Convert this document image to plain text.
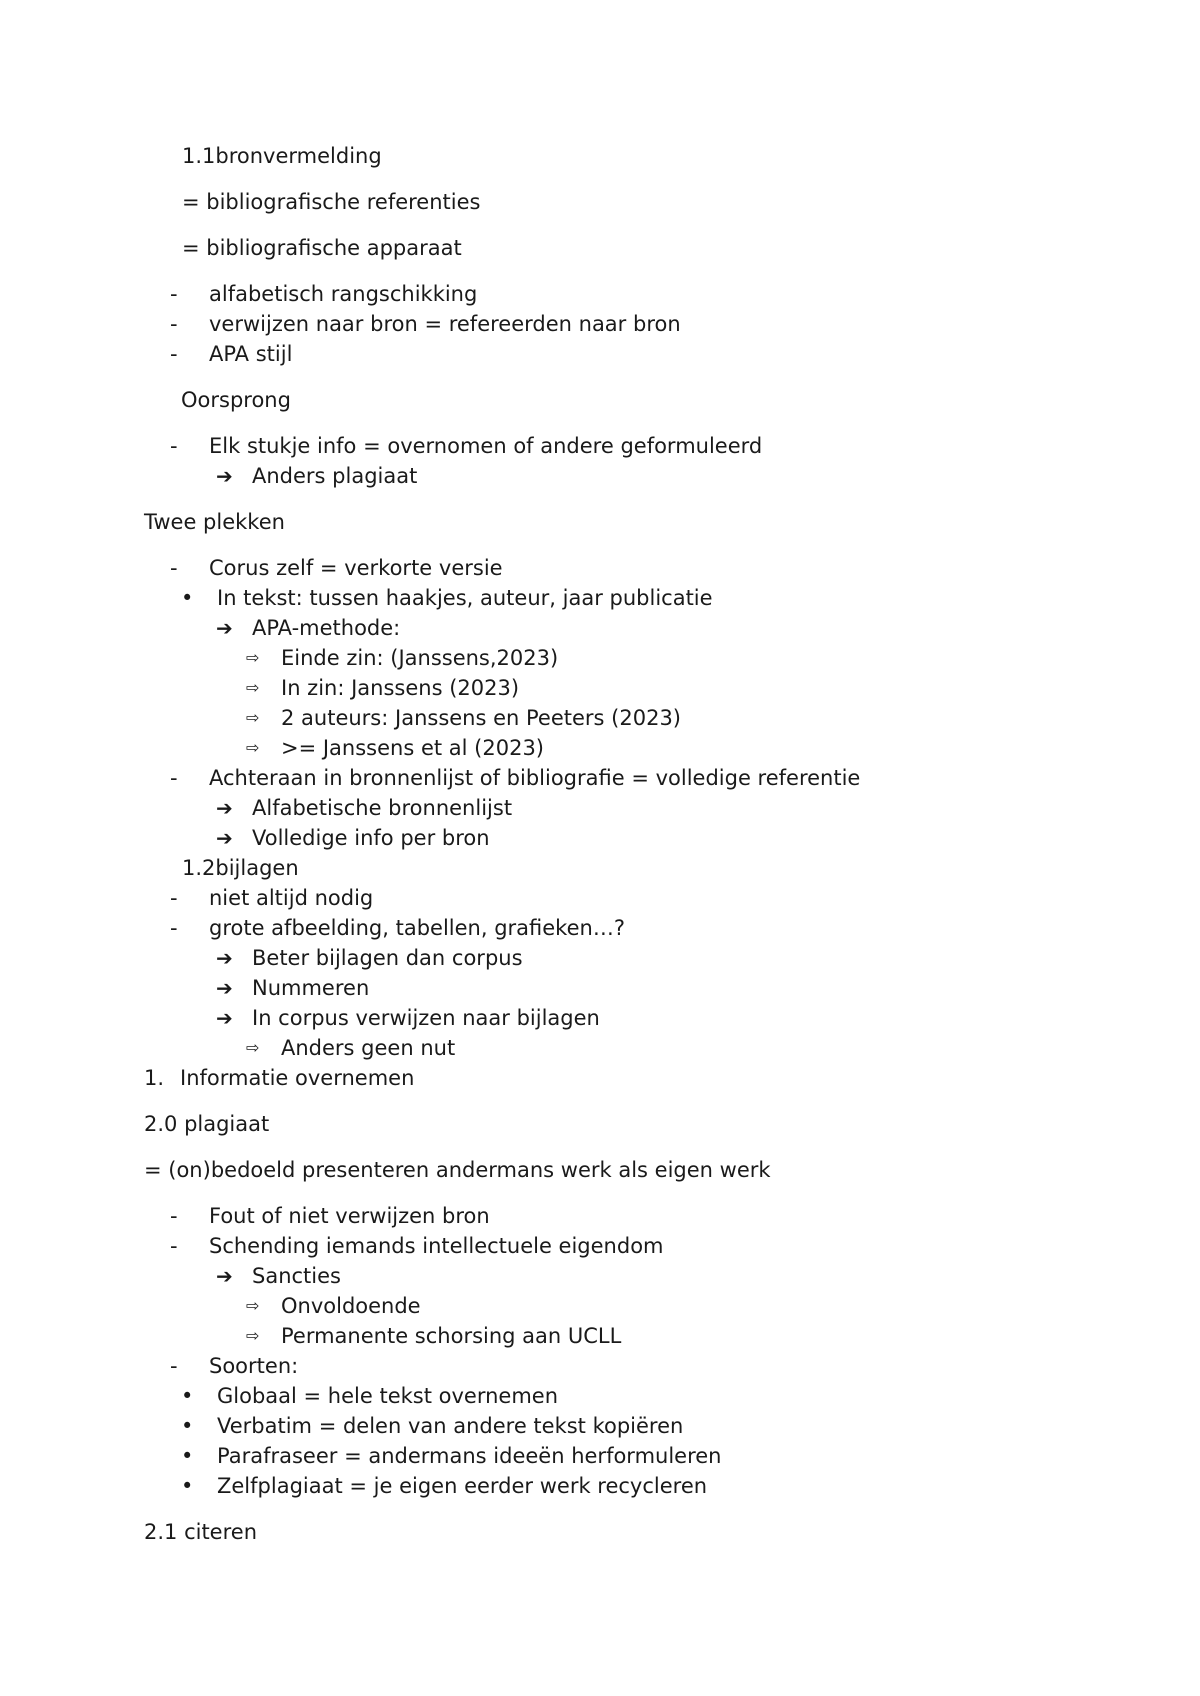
1.1bronvermelding
= bibliografische referenties
= bibliografische apparaat
- alfabetisch rangschikking
- verwijzen naar bron = refereerden naar bron
- APA stijl
Oorsprong
- Elk stukje info = overnomen of andere geformuleerd
➔ Anders plagiaat
Twee plekken
- Corus zelf = verkorte versie
• In tekst: tussen haakjes, auteur, jaar publicatie
➔ APA-methode:
⇨ Einde zin: (Janssens,2023)
⇨ In zin: Janssens (2023)
⇨ 2 auteurs: Janssens en Peeters (2023)
⇨ >= Janssens et al (2023)
- Achteraan in bronnenlijst of bibliografie = volledige referentie
➔ Alfabetische bronnenlijst
➔ Volledige info per bron
1.2bijlagen
- niet altijd nodig
- grote afbeelding, tabellen, grafieken…?
➔ Beter bijlagen dan corpus
➔ Nummeren
➔ In corpus verwijzen naar bijlagen
⇨ Anders geen nut
1. Informatie overnemen
2.0 plagiaat
= (on)bedoeld presenteren andermans werk als eigen werk
- Fout of niet verwijzen bron
- Schending iemands intellectuele eigendom
➔ Sancties
⇨ Onvoldoende
⇨ Permanente schorsing aan UCLL
- Soorten:
• Globaal = hele tekst overnemen
• Verbatim = delen van andere tekst kopiëren
• Parafraseer = andermans ideeën herformuleren
• Zelfplagiaat = je eigen eerder werk recycleren
2.1 citeren
